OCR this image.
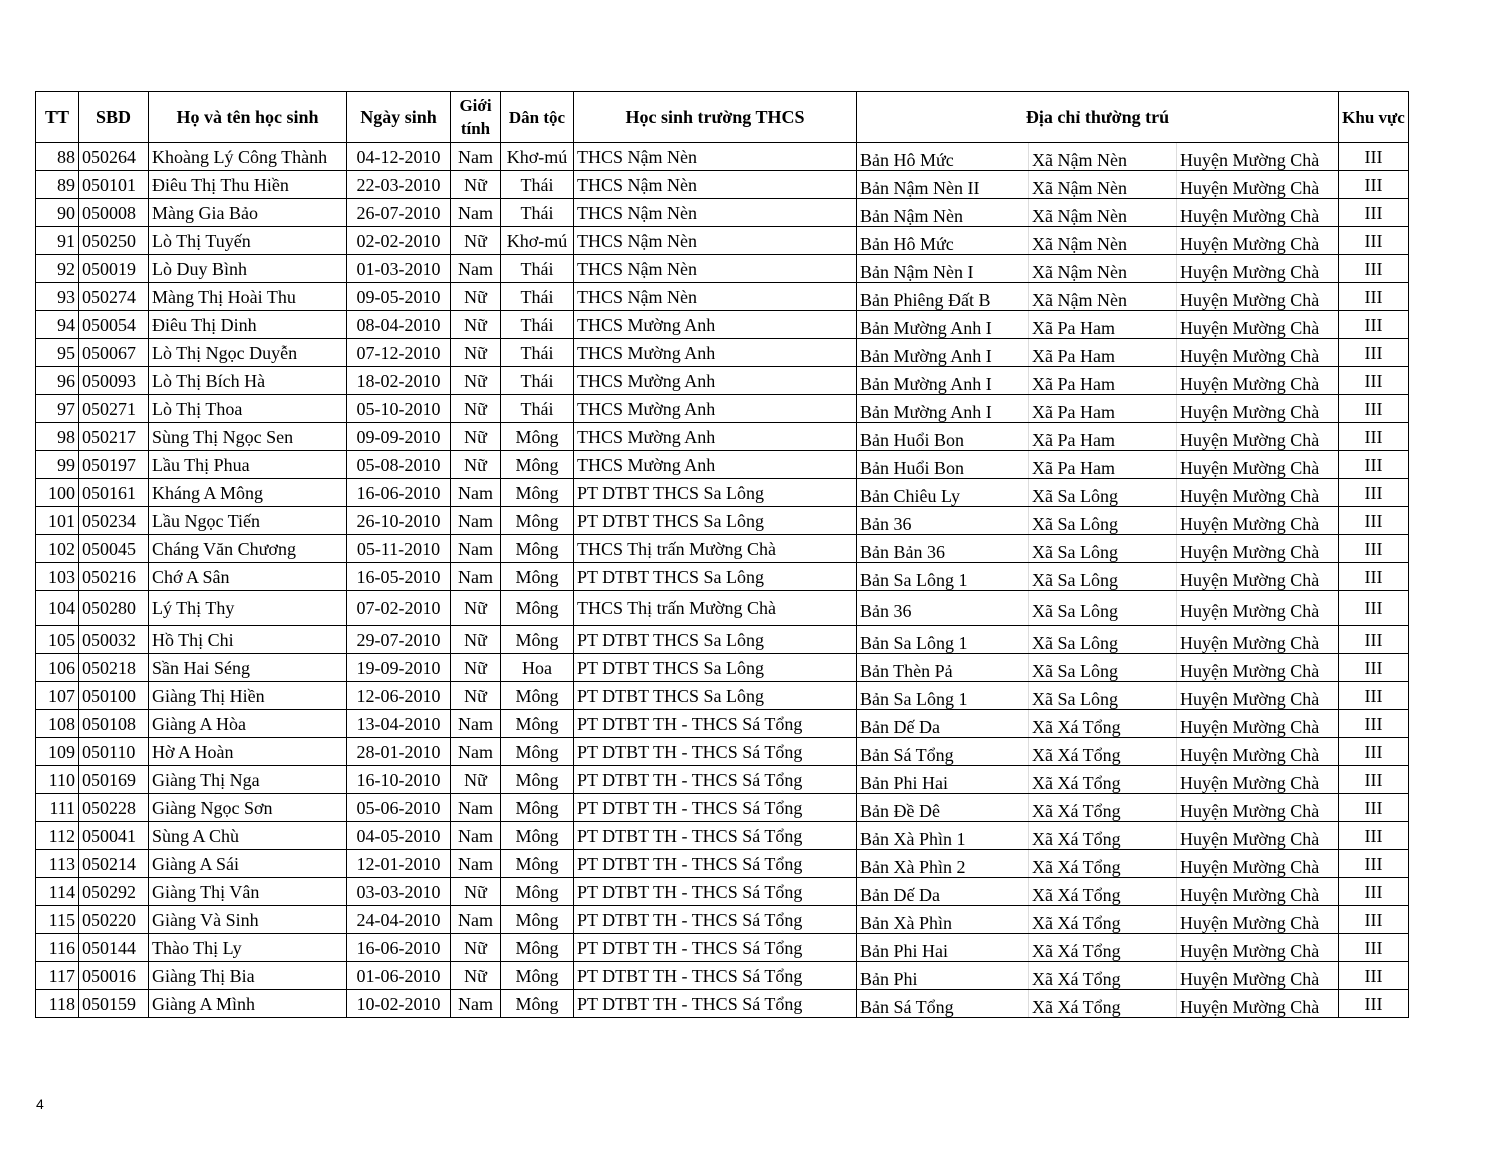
TT	SBD	Họ và tên học sinh	Ngày sinh	Giới tính	Dân tộc	Học sinh trường THCS	Địa chỉ thường trú			Khu vực
88	050264	Khoàng Lý Công Thành	04-12-2010	Nam	Khơ-mú	THCS Nậm Nèn	Bản Hô Mức	Xã Nậm Nèn	Huyện Mường Chà	III
89	050101	Điêu Thị Thu Hiền	22-03-2010	Nữ	Thái	THCS Nậm Nèn	Bản Nậm Nèn II	Xã Nậm Nèn	Huyện Mường Chà	III
90	050008	Màng Gia Bảo	26-07-2010	Nam	Thái	THCS Nậm Nèn	Bản Nậm Nèn	Xã Nậm Nèn	Huyện Mường Chà	III
91	050250	Lò Thị Tuyến	02-02-2010	Nữ	Khơ-mú	THCS Nậm Nèn	Bản Hô Mức	Xã Nậm Nèn	Huyện Mường Chà	III
92	050019	Lò Duy Bình	01-03-2010	Nam	Thái	THCS Nậm Nèn	Bản Nậm Nèn I	Xã Nậm Nèn	Huyện Mường Chà	III
93	050274	Màng Thị Hoài Thu	09-05-2010	Nữ	Thái	THCS Nậm Nèn	Bản Phiêng Đất B	Xã Nậm Nèn	Huyện Mường Chà	III
94	050054	Điêu Thị Dinh	08-04-2010	Nữ	Thái	THCS Mường Anh	Bản Mường Anh I	Xã Pa Ham	Huyện Mường Chà	III
95	050067	Lò Thị Ngọc Duyễn	07-12-2010	Nữ	Thái	THCS Mường Anh	Bản Mường Anh I	Xã Pa Ham	Huyện Mường Chà	III
96	050093	Lò Thị Bích Hà	18-02-2010	Nữ	Thái	THCS Mường Anh	Bản Mường Anh I	Xã Pa Ham	Huyện Mường Chà	III
97	050271	Lò Thị Thoa	05-10-2010	Nữ	Thái	THCS Mường Anh	Bản Mường Anh I	Xã Pa Ham	Huyện Mường Chà	III
98	050217	Sùng Thị Ngọc Sen	09-09-2010	Nữ	Mông	THCS Mường Anh	Bản Huổi Bon	Xã Pa Ham	Huyện Mường Chà	III
99	050197	Lầu Thị Phua	05-08-2010	Nữ	Mông	THCS Mường Anh	Bản Huổi Bon	Xã Pa Ham	Huyện Mường Chà	III
100	050161	Kháng A Mông	16-06-2010	Nam	Mông	PT DTBT THCS Sa Lông	Bản Chiêu Ly	Xã Sa Lông	Huyện Mường Chà	III
101	050234	Lầu Ngọc Tiến	26-10-2010	Nam	Mông	PT DTBT THCS Sa Lông	Bản 36	Xã Sa Lông	Huyện Mường Chà	III
102	050045	Cháng Văn Chương	05-11-2010	Nam	Mông	THCS Thị trấn Mường Chà	Bản Bản 36	Xã Sa Lông	Huyện Mường Chà	III
103	050216	Chớ A Sân	16-05-2010	Nam	Mông	PT DTBT THCS Sa Lông	Bản Sa Lông 1	Xã Sa Lông	Huyện Mường Chà	III
104	050280	Lý Thị Thy	07-02-2010	Nữ	Mông	THCS Thị trấn Mường Chà	Bản 36	Xã Sa Lông	Huyện Mường Chà	III
105	050032	Hồ Thị Chi	29-07-2010	Nữ	Mông	PT DTBT THCS Sa Lông	Bản Sa Lông 1	Xã Sa Lông	Huyện Mường Chà	III
106	050218	Sần Hai Séng	19-09-2010	Nữ	Hoa	PT DTBT THCS Sa Lông	Bản Thèn Pả	Xã Sa Lông	Huyện Mường Chà	III
107	050100	Giàng Thị Hiền	12-06-2010	Nữ	Mông	PT DTBT THCS Sa Lông	Bản Sa Lông 1	Xã Sa Lông	Huyện Mường Chà	III
108	050108	Giàng A Hòa	13-04-2010	Nam	Mông	PT DTBT TH - THCS Sá Tổng	Bản Dế Da	Xã Xá Tổng	Huyện Mường Chà	III
109	050110	Hờ A Hoàn	28-01-2010	Nam	Mông	PT DTBT TH - THCS Sá Tổng	Bản Sá Tổng	Xã Xá Tổng	Huyện Mường Chà	III
110	050169	Giàng Thị Nga	16-10-2010	Nữ	Mông	PT DTBT TH - THCS Sá Tổng	Bản Phi Hai	Xã Xá Tổng	Huyện Mường Chà	III
111	050228	Giàng Ngọc Sơn	05-06-2010	Nam	Mông	PT DTBT TH - THCS Sá Tổng	Bản Đề Dê	Xã Xá Tổng	Huyện Mường Chà	III
112	050041	Sùng A Chù	04-05-2010	Nam	Mông	PT DTBT TH - THCS Sá Tổng	Bản Xà Phìn 1	Xã Xá Tổng	Huyện Mường Chà	III
113	050214	Giàng A Sái	12-01-2010	Nam	Mông	PT DTBT TH - THCS Sá Tổng	Bản Xà Phìn 2	Xã Xá Tổng	Huyện Mường Chà	III
114	050292	Giàng Thị Vân	03-03-2010	Nữ	Mông	PT DTBT TH - THCS Sá Tổng	Bản Dế Da	Xã Xá Tổng	Huyện Mường Chà	III
115	050220	Giàng Và Sinh	24-04-2010	Nam	Mông	PT DTBT TH - THCS Sá Tổng	Bản Xà Phìn	Xã Xá Tổng	Huyện Mường Chà	III
116	050144	Thào Thị Ly	16-06-2010	Nữ	Mông	PT DTBT TH - THCS Sá Tổng	Bản Phi Hai	Xã Xá Tổng	Huyện Mường Chà	III
117	050016	Giàng Thị Bia	01-06-2010	Nữ	Mông	PT DTBT TH - THCS Sá Tổng	Bản Phi	Xã Xá Tổng	Huyện Mường Chà	III
118	050159	Giàng A Mình	10-02-2010	Nam	Mông	PT DTBT TH - THCS Sá Tổng	Bản Sá Tổng	Xã Xá Tổng	Huyện Mường Chà	III
4
